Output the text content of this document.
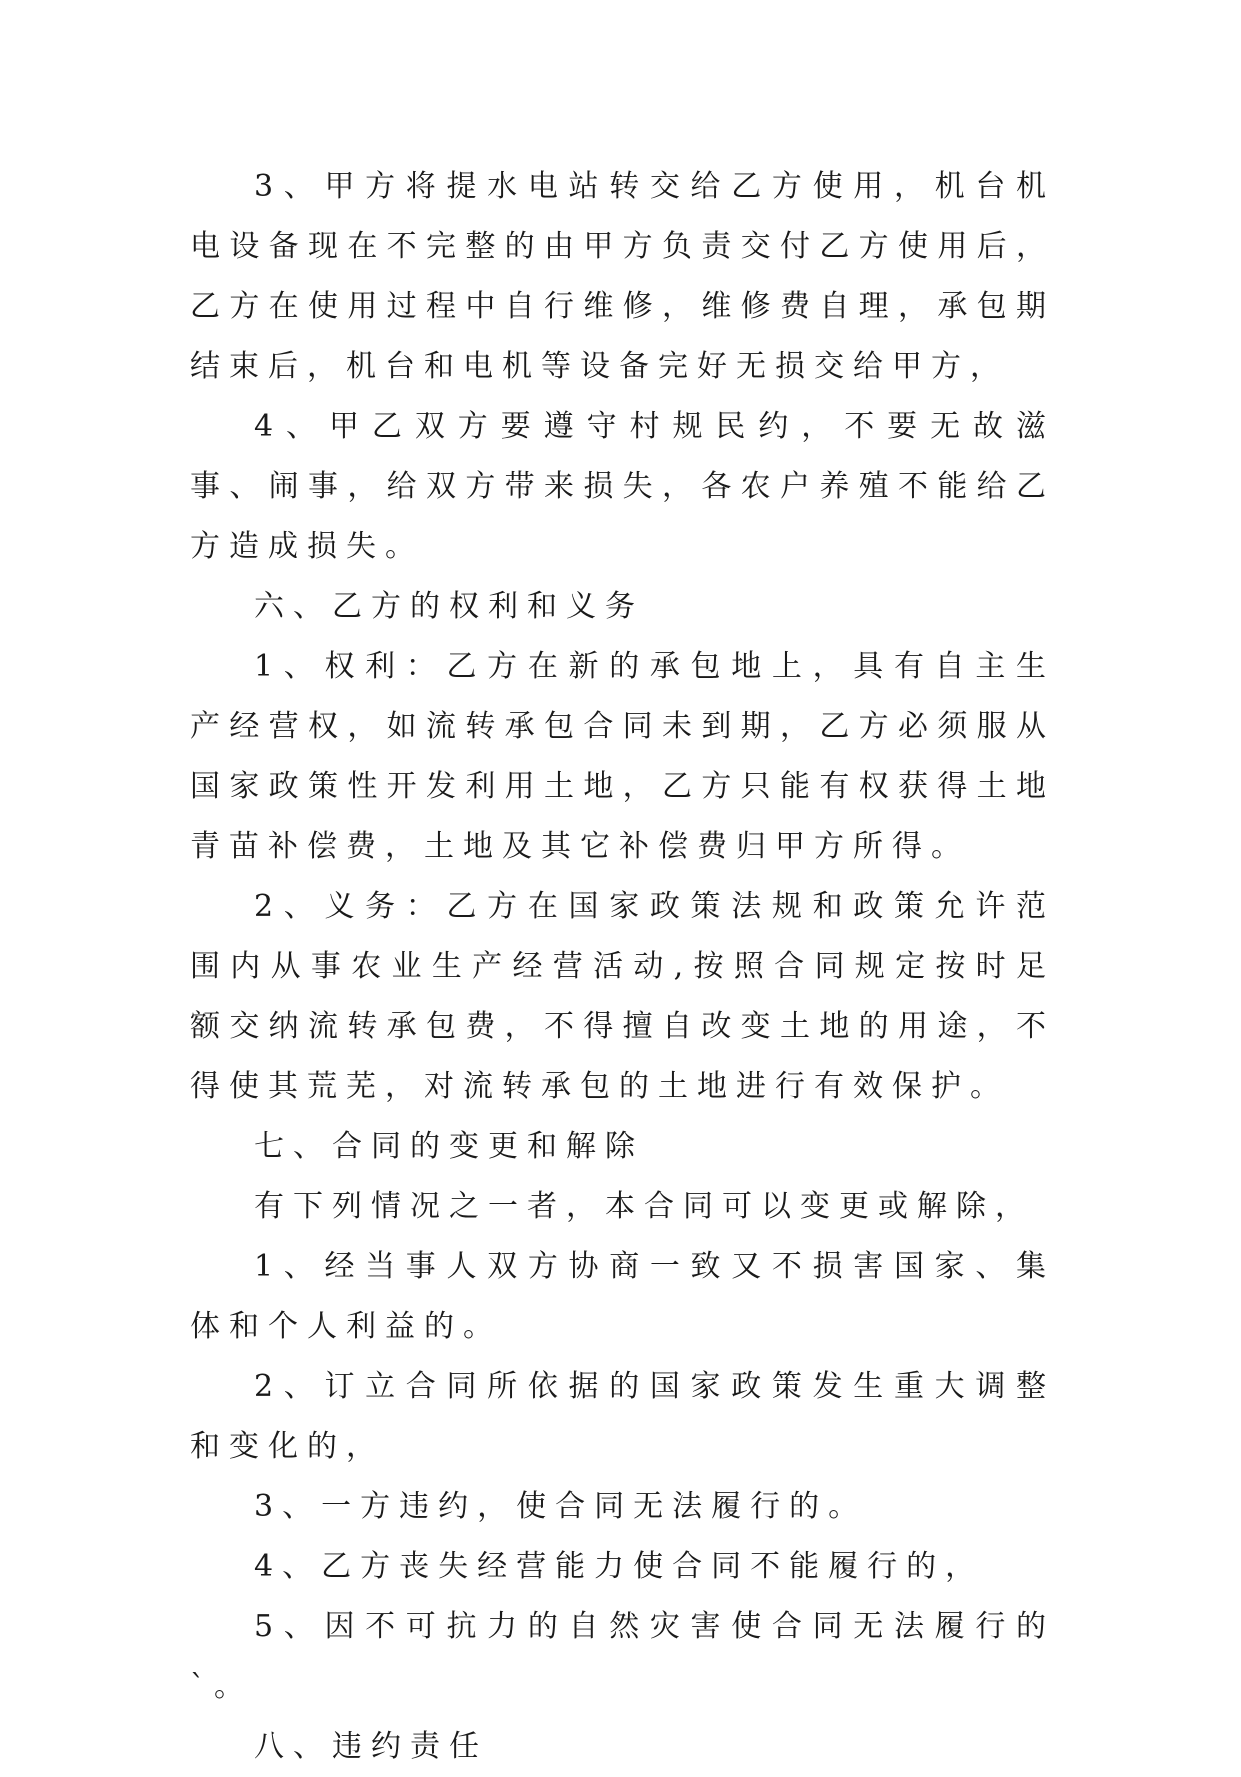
3、甲方将提水电站转交给乙方使用，机台机电设备现在不完整的由甲方负责交付乙方使用后，乙方在使用过程中自行维修，维修费自理，承包期结束后，机台和电机等设备完好无损交给甲方，

4、甲乙双方要遵守村规民约，不要无故滋事、闹事，给双方带来损失，各农户养殖不能给乙方造成损失。

六、乙方的权利和义务

1、权利：乙方在新的承包地上，具有自主生产经营权，如流转承包合同未到期，乙方必须服从国家政策性开发利用土地，乙方只能有权获得土地青苗补偿费，土地及其它补偿费归甲方所得。

2、义务：乙方在国家政策法规和政策允许范围内从事农业生产经营活动,按照合同规定按时足额交纳流转承包费，不得擅自改变土地的用途，不得使其荒芜，对流转承包的土地进行有效保护。

七、合同的变更和解除

有下列情况之一者，本合同可以变更或解除，

1、经当事人双方协商一致又不损害国家、集体和个人利益的。

2、订立合同所依据的国家政策发生重大调整和变化的，

3、一方违约，使合同无法履行的。

4、乙方丧失经营能力使合同不能履行的，

5、因不可抗力的自然灾害使合同无法履行的`。

八、违约责任
